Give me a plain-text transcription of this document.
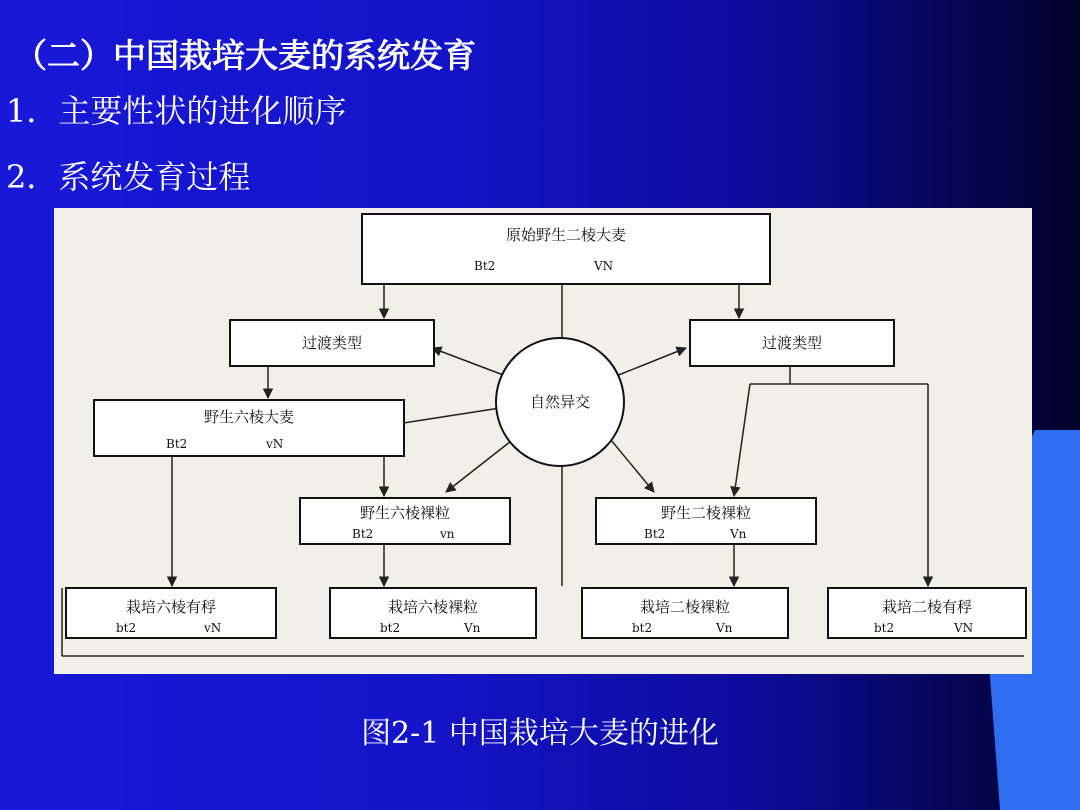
（二）中国栽培大麦的系统发育
1．主要性状的进化顺序
2．系统发育过程
原始野生二棱大麦
Bt2	VN
过渡类型	过渡类型
自然异交
野生六棱大麦
Bt2	vN
野生六棱裸粒
Bt2	vn
野生二棱裸粒
Bt2	Vn
栽培六棱有稃
bt2	vN
栽培六棱裸粒
bt2	Vn
栽培二棱裸粒
bt2	Vn
栽培二棱有稃
bt2	VN
图2-1 中国栽培大麦的进化
